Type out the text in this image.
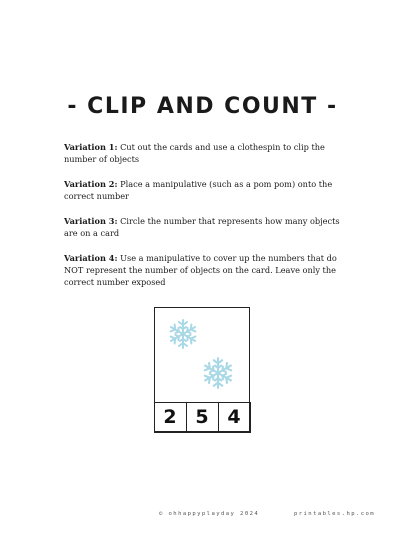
- CLIP AND COUNT -

Variation 1: Cut out the cards and use a clothespin to clip the number of objects

Variation 2: Place a manipulative (such as a pom pom) onto the correct number

Variation 3: Circle the number that represents how many objects are on a card

Variation 4: Use a manipulative to cover up the numbers that do NOT represent the number of objects on the card. Leave only the correct number exposed

2 5 4
© ohhappyplayday 2024	printables.hp.com
